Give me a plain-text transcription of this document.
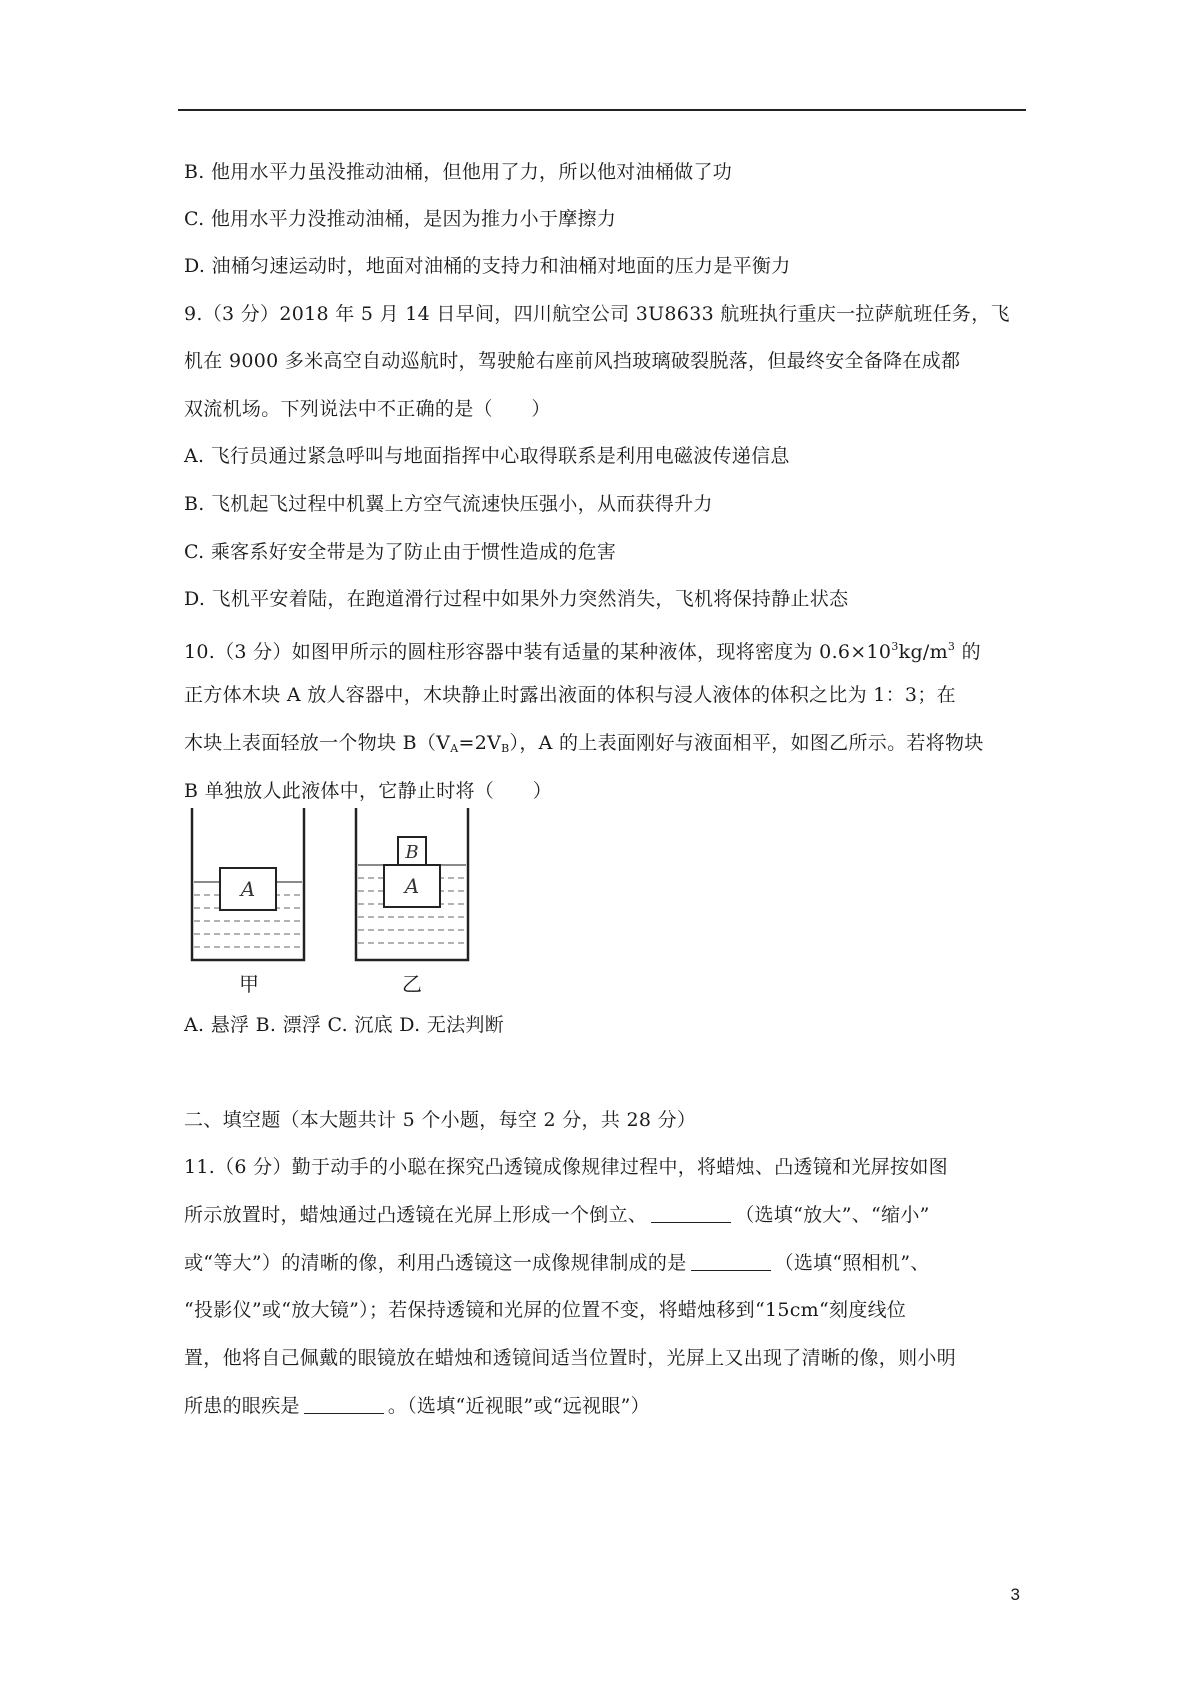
B. 他用水平力虽没推动油桶，但他用了力，所以他对油桶做了功
C. 他用水平力没推动油桶，是因为推力小于摩擦力
D. 油桶匀速运动时，地面对油桶的支持力和油桶对地面的压力是平衡力
9.（3 分）2018 年 5 月 14 日早间，四川航空公司 3U8633 航班执行重庆一拉萨航班任务，飞
机在 9000 多米高空自动巡航时，驾驶舱右座前风挡玻璃破裂脱落，但最终安全备降在成都
双流机场。下列说法中不正确的是（　　）
A. 飞行员通过紧急呼叫与地面指挥中心取得联系是利用电磁波传递信息
B. 飞机起飞过程中机翼上方空气流速快压强小，从而获得升力
C. 乘客系好安全带是为了防止由于惯性造成的危害
D. 飞机平安着陆，在跑道滑行过程中如果外力突然消失，飞机将保持静止状态
10.（3 分）如图甲所示的圆柱形容器中装有适量的某种液体，现将密度为 $0.6\times 10^3kg/m^3$ 的
正方体木块 A 放人容器中，木块静止时露出液面的体积与浸人液体的体积之比为 1：3；在
木块上表面轻放一个物块 $B(V_A=2V_B)$，A 的上表面刚好与液面相平，如图乙所示。若将物块
B 单独放人此液体中，它静止时将（　　）
A	A
B
甲	乙
A. 悬浮 B. 漂浮 C. 沉底 D. 无法判断
二、填空题（本大题共计 5 个小题，每空 2 分，共 28 分）
11.（6 分）勤于动手的小聪在探究凸透镜成像规律过程中，将蜡烛、凸透镜和光屏按如图
所示放置时，蜡烛通过凸透镜在光屏上形成一个倒立、	（选填“放大”、“缩小”
或“等大”）的清晰的像，利用凸透镜这一成像规律制成的是	（选填“照相机”、
“投影仪”或“放大镜”）；若保持透镜和光屏的位置不变，将蜡烛移到“15cm“刻度线位
置，他将自己佩戴的眼镜放在蜡烛和透镜间适当位置时，光屏上又出现了清晰的像，则小明
所患的眼疾是	。（选填“近视眼”或“远视眼”）
3
